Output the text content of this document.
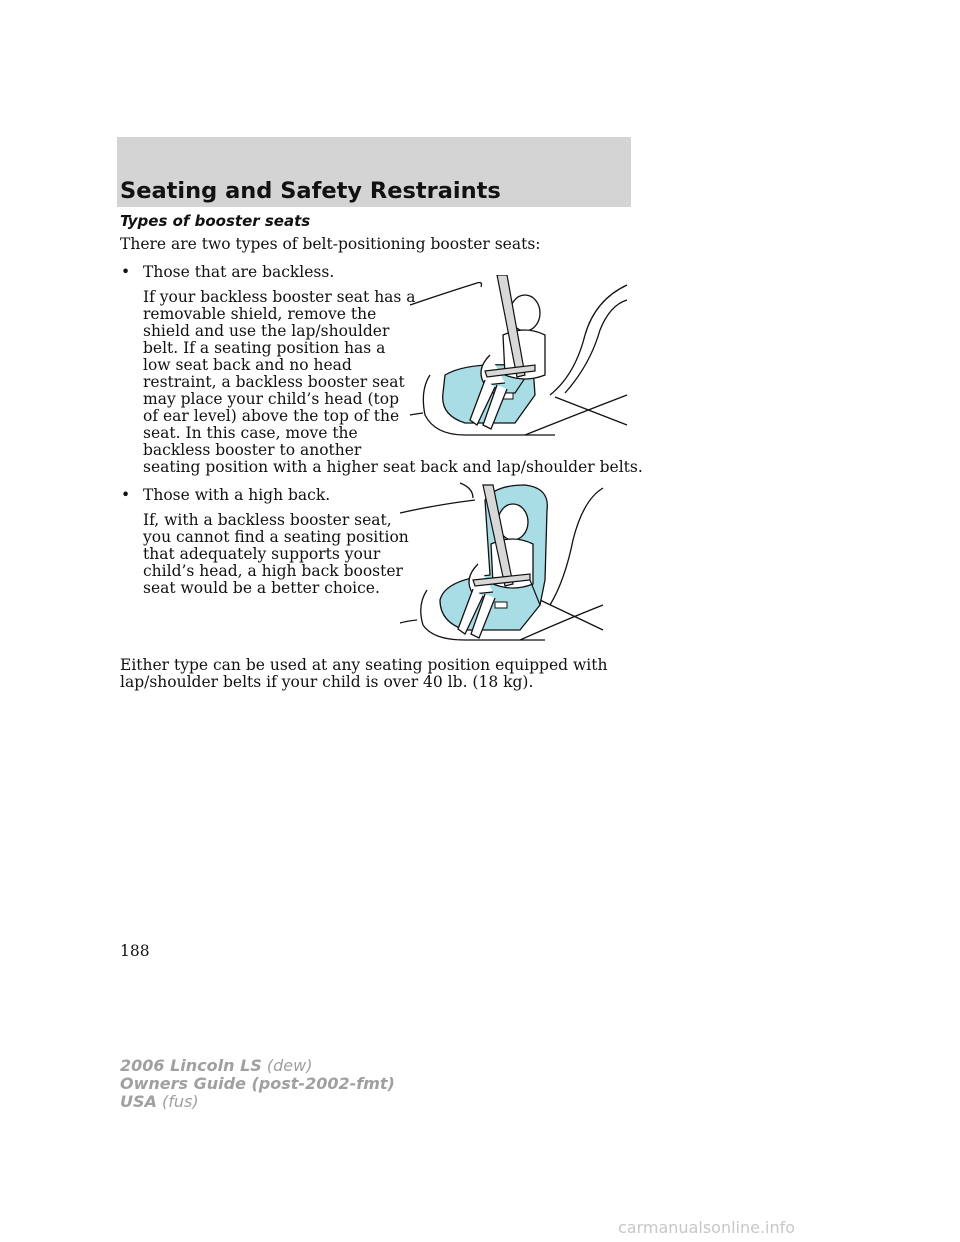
Seating and Safety Restraints
Types of booster seats
There are two types of belt-positioning booster seats:
• Those that are backless.
If your backless booster seat has a
removable shield, remove the
shield and use the lap/shoulder
belt. If a seating position has a
low seat back and no head
restraint, a backless booster seat
may place your child’s head (top
of ear level) above the top of the
seat. In this case, move the
backless booster to another
seating position with a higher seat back and lap/shoulder belts.
• Those with a high back.
If, with a backless booster seat,
you cannot find a seating position
that adequately supports your
child’s head, a high back booster
seat would be a better choice.
Either type can be used at any seating position equipped with
lap/shoulder belts if your child is over 40 lb. (18 kg).
188
2006 Lincoln LS (dew)
Owners Guide (post-2002-fmt)
USA (fus)
carmanualsonline.info
